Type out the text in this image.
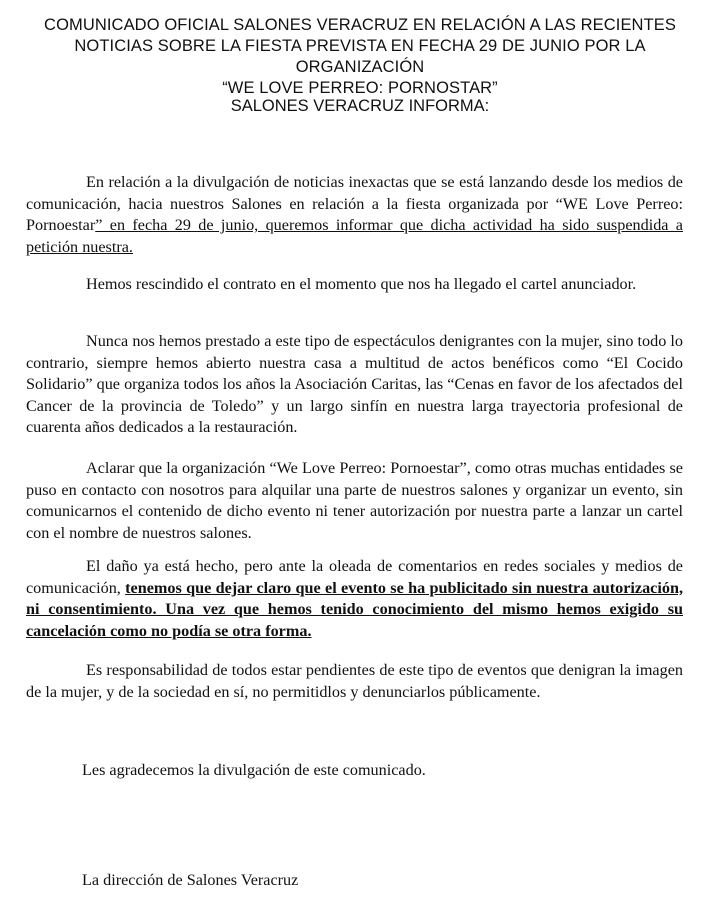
COMUNICADO OFICIAL SALONES VERACRUZ EN RELACIÓN A LAS RECIENTES
NOTICIAS SOBRE LA FIESTA PREVISTA EN FECHA 29 DE JUNIO POR LA ORGANIZACIÓN
“WE LOVE PERREO: PORNOSTAR”
SALONES VERACRUZ INFORMA:

En relación a la divulgación de noticias inexactas que se está lanzando desde los medios de comunicación, hacia nuestros Salones en relación a la fiesta organizada por “WE Love Perreo: Pornoestar” en fecha 29 de junio, queremos informar que dicha actividad ha sido suspendida a petición nuestra.

Hemos rescindido el contrato en el momento que nos ha llegado el cartel anunciador.

Nunca nos hemos prestado a este tipo de espectáculos denigrantes con la mujer, sino todo lo contrario, siempre hemos abierto nuestra casa a multitud de actos benéficos como “El Cocido Solidario” que organiza todos los años la Asociación Caritas, las “Cenas en favor de los afectados del Cancer de la provincia de Toledo” y un largo sinfín en nuestra larga trayectoria profesional de cuarenta años dedicados a la restauración.

Aclarar que la organización “We Love Perreo: Pornoestar”, como otras muchas entidades se puso en contacto con nosotros para alquilar una parte de nuestros salones y organizar un evento, sin comunicarnos el contenido de dicho evento ni tener autorización por nuestra parte a lanzar un cartel con el nombre de nuestros salones.

El daño ya está hecho, pero ante la oleada de comentarios en redes sociales y medios de comunicación, tenemos que dejar claro que el evento se ha publicitado sin nuestra autorización, ni consentimiento. Una vez que hemos tenido conocimiento del mismo hemos exigido su cancelación como no podía se otra forma.

Es responsabilidad de todos estar pendientes de este tipo de eventos que denigran la imagen de la mujer, y de la sociedad en sí, no permitidlos y denunciarlos públicamente.

Les agradecemos la divulgación de este comunicado.

La dirección de Salones Veracruz
